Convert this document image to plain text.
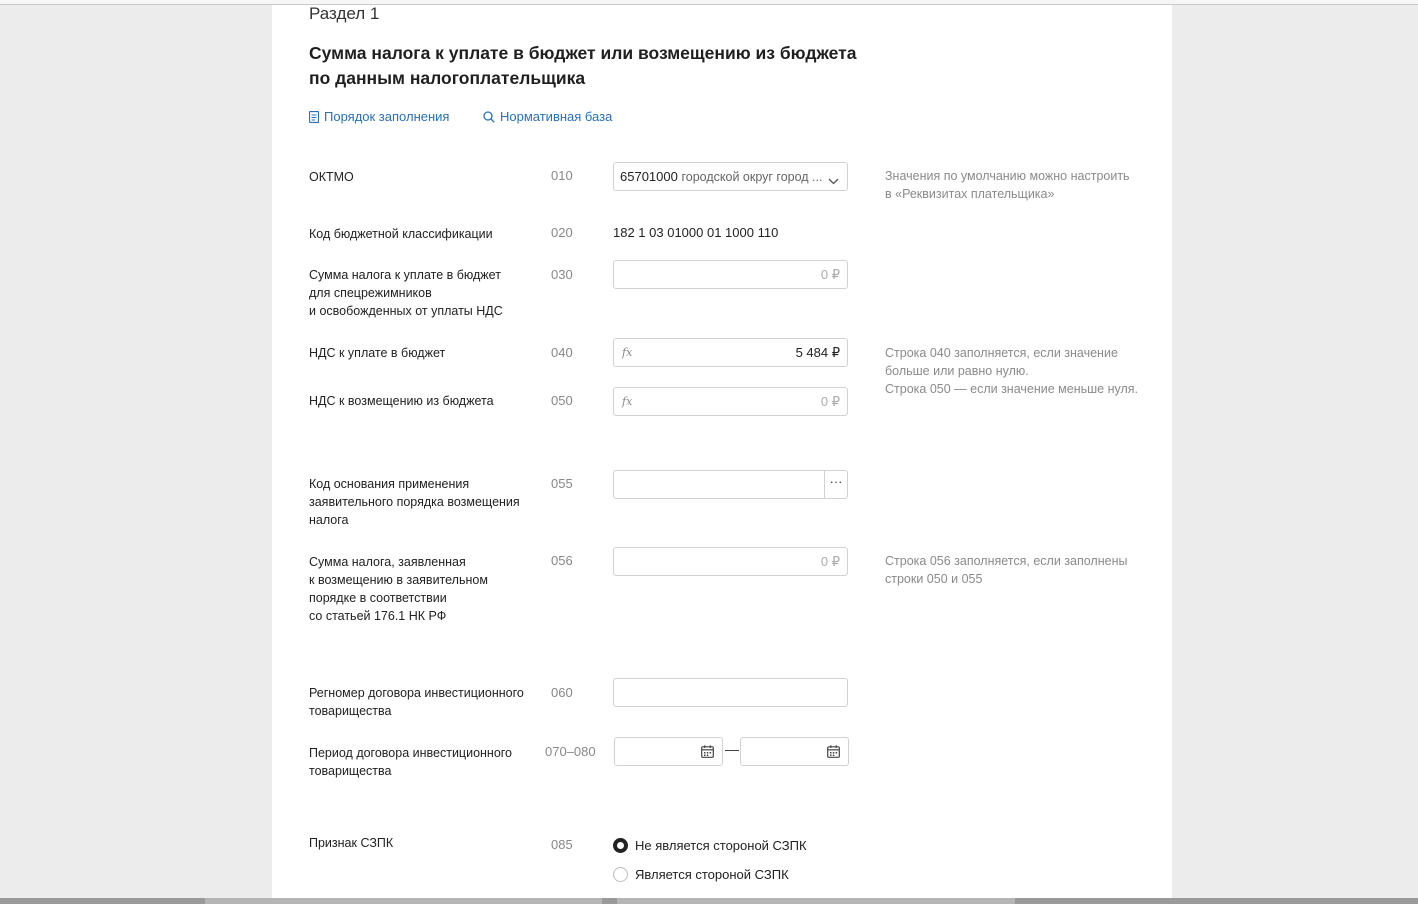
Раздел 1
Сумма налога к уплате в бюджет или возмещению из бюджета
по данным налогоплательщика
Порядок заполнения	Нормативная база
ОКТМО	010	65701000 городской округ город ...	Значения по умолчанию можно настроить
в «Реквизитах плательщика»
Код бюджетной классификации	020	182 1 03 01000 01 1000 110
Сумма налога к уплате в бюджет
для спецрежимников
и освобожденных от уплаты НДС
030	0 ₽
НДС к уплате в бюджет	040	fx	5 484 ₽	Строка 040 заполняется, если значение
больше или равно нулю.
Строка 050 — если значение меньше нуля.
НДС к возмещению из бюджета	050	fx	0 ₽
Код основания применения
заявительного порядка возмещения
налога
055	···
Сумма налога, заявленная
к возмещению в заявительном
порядке в соответствии
со статьей 176.1 НК РФ
056	0 ₽	Строка 056 заполняется, если заполнены
строки 050 и 055
Регномер договора инвестиционного
товарищества
060
Период договора инвестиционного
товарищества
070–080	—
Признак СЗПК	085	Не является стороной СЗПК
Является стороной СЗПК
